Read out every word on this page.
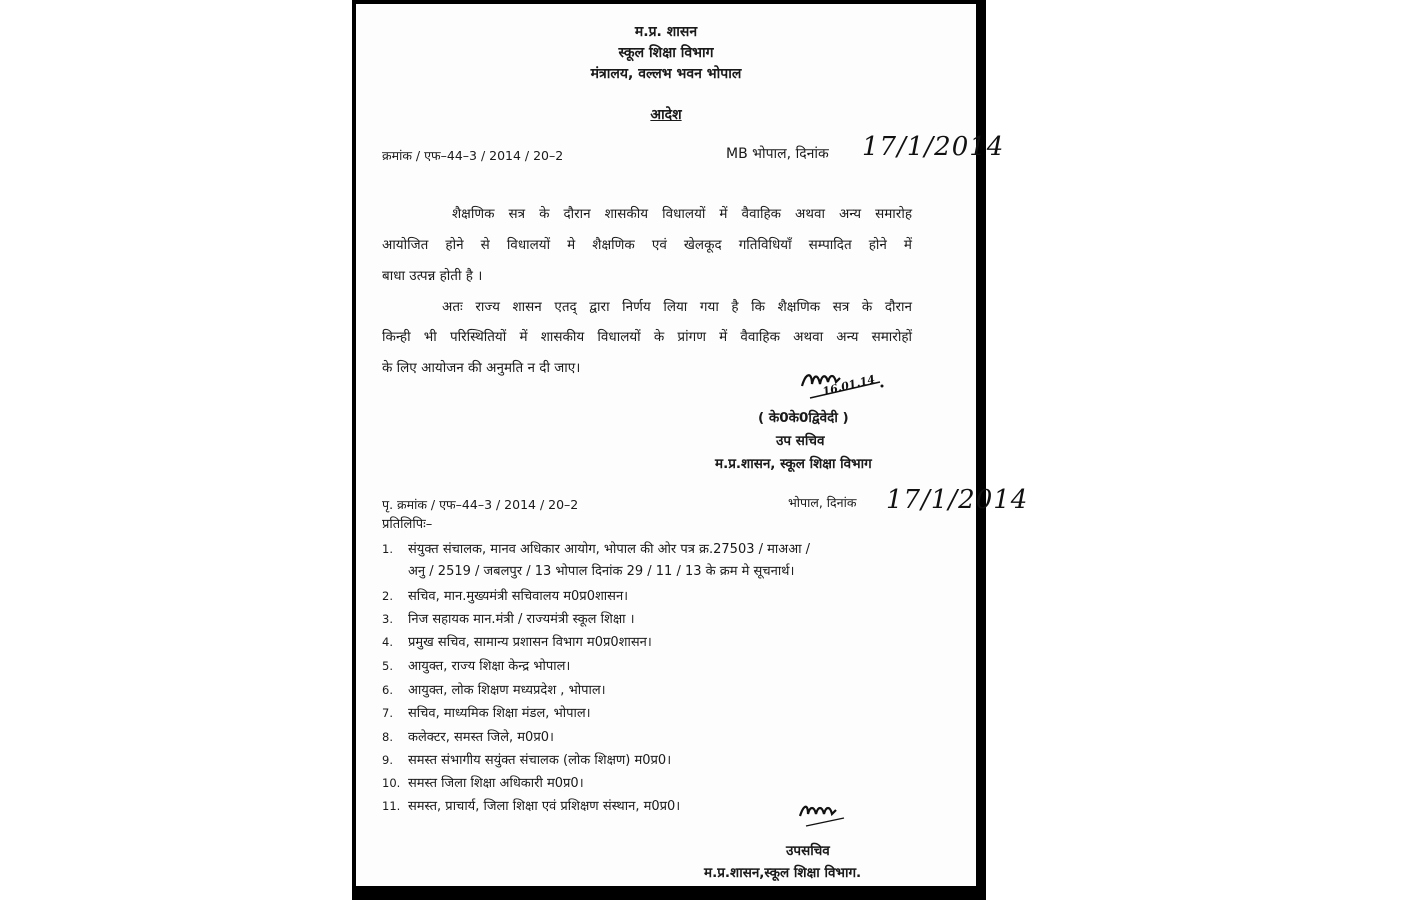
म.प्र. शासन
स्कूल शिक्षा विभाग
मंत्रालय, वल्लभ भवन भोपाल
आदेश
क्रमांक / एफ–44–3 / 2014 / 20–2	MB भोपाल, दिनांक 17/1/2014
शैक्षणिक सत्र के दौरान शासकीय विधालयों में वैवाहिक अथवा अन्य समारोह
आयोजित होने से विधालयों मे शैक्षणिक एवं खेलकूद गतिविधियाँ सम्पादित होने में
बाधा उत्पन्न होती है ।
अतः राज्य शासन एतद् द्वारा निर्णय लिया गया है कि शैक्षणिक सत्र के दौरान
किन्ही भी परिस्थितियों में शासकीय विधालयों के प्रांगण में वैवाहिक अथवा अन्य समारोहों
के लिए आयोजन की अनुमति न दी जाए।
16.01.14
( के0के0द्विवेदी )
उप सचिव
म.प्र.शासन, स्कूल शिक्षा विभाग
पृ. क्रमांक / एफ–44–3 / 2014 / 20–2	भोपाल, दिनांक 17/1/2014
प्रतिलिपिः–
1. संयुक्त संचालक, मानव अधिकार आयोग, भोपाल की ओर पत्र क्र.27503 / माअआ /
अनु / 2519 / जबलपुर / 13 भोपाल दिनांक 29 / 11 / 13 के क्रम मे सूचनार्थ।
2. सचिव, मान.मुख्यमंत्री सचिवालय म0प्र0शासन।
3. निज सहायक मान.मंत्री / राज्यमंत्री स्कूल शिक्षा ।
4. प्रमुख सचिव, सामान्य प्रशासन विभाग म0प्र0शासन।
5. आयुक्त, राज्य शिक्षा केन्द्र भोपाल।
6. आयुक्त, लोक शिक्षण मध्यप्रदेश , भोपाल।
7. सचिव, माध्यमिक शिक्षा मंडल, भोपाल।
8. कलेक्टर, समस्त जिले, म0प्र0।
9. समस्त संभागीय सयुंक्त संचालक (लोक शिक्षण) म0प्र0।
10. समस्त जिला शिक्षा अधिकारी म0प्र0।
11. समस्त, प्राचार्य, जिला शिक्षा एवं प्रशिक्षण संस्थान, म0प्र0।
उपसचिव
म.प्र.शासन,स्कूल शिक्षा विभाग.
